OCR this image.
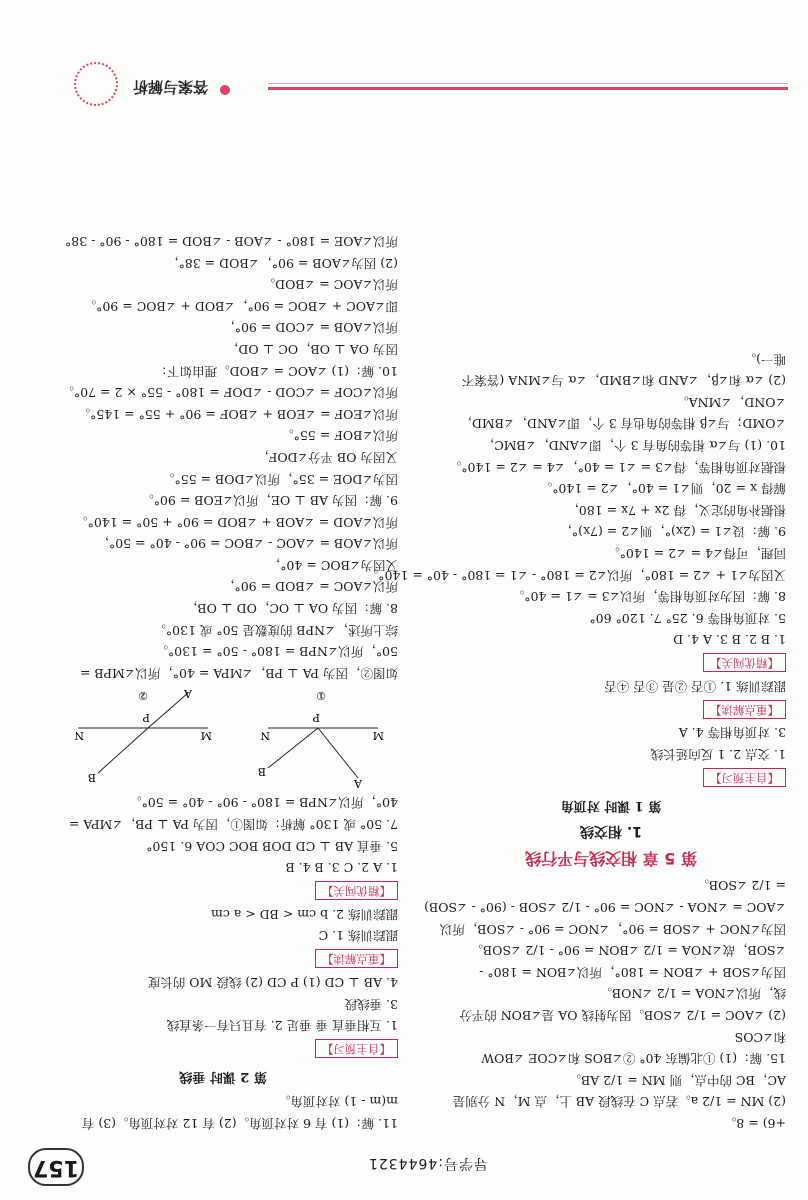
157	导学号:4644321
+6) = 8。
(2) MN = 1/2 a。若点 C 在线段 AB 上，点 M，N 分别是
AC，BC 的中点，则 MN = 1/2 AB。
15. 解：(1) ①北偏东 40° ②∠BOS 和∠COE ∠BOW
和∠COS
(2) ∠AOC = 1/2 ∠SOB。因为射线 OA 是∠BON 的平分
线，所以∠NOA = 1/2 ∠NOB。
因为∠SOB + ∠BON = 180°，所以∠BON = 180° -
∠SOB，故∠NOA = 1/2 ∠BON = 90° - 1/2 ∠SOB。
因为∠NOC + ∠SOB = 90°，∠NOC = 90° - ∠SOB，所以
∠AOC = ∠NOA - ∠NOC = 90° - 1/2 ∠SOB - (90° - ∠SOB)
= 1/2 ∠SOB。
第 5 章 相交线与平行线
1. 相交线
第 1 课时 对顶角
【 自主预习 】
1. 交点 2. 1 反向延长线
3. 对顶角相等 4. A
【 重点解读 】
跟踪训练 1. ①否 ②是 ③否 ④否
【 精优闯关 】
1. B 2. B 3. A 4. D
5. 对顶角相等 6. 25° 7. 120° 60°
8. 解：因为对顶角相等，所以∠3 = ∠1 = 40°。
又因为∠1 + ∠2 = 180°，所以∠2 = 180° - ∠1 = 180° - 40° = 140°。
同理，可得∠4 = ∠2 = 140°。
9. 解：设∠1 = (2x)°，则∠2 = (7x)°，
根据补角的定义，得 2x + 7x = 180，
解得 x = 20，则∠1 = 40°，∠2 = 140°。
根据对顶角相等，得∠3 = ∠1 = 40°，∠4 = ∠2 = 140°。
10. (1) 与∠α 相等的角有 3 个，即∠AND，∠BMC，
∠OMD；与∠β 相等的角也有 3 个，即∠AND，∠BMD，
∠OND，∠MNA。
(2) ∠α 和∠β，∠AND 和∠BMD，∠α 与∠MNA (答案不
唯一)。
11. 解：(1) 有 6 对对顶角。(2) 有 12 对对顶角。(3) 有
m(m - 1) 对对顶角。
第 2 课时 垂线
【 自主预习 】
1. 互相垂直 垂 垂足 2. 有且只有一条直线
3. 垂线段
4. AB ⊥ CD (1) P CD (2) 线段 MO 的长度
【 重点解读 】
跟踪训练 1. C
跟踪训练 2. b cm < BD < a cm
【 精优闯关 】
1. A 2. C 3. B 4. B
5. 垂直 AB ⊥ CD DOB BOC COA 6. 150°
7. 50° 或 130° 解析：如图①，因为 PA ⊥ PB，∠MPA =
40°，所以∠NPB = 180° - 90° - 40° = 50°。
A
B
M
P
N
①
A
B
M
P
N
②
如图②，因为 PA ⊥ PB，∠MPA = 40°，所以∠MPB =
50°，所以∠NPB = 180° - 50° = 130°。
综上所述，∠NPB 的度数是 50° 或 130°。
8. 解：因为 OA ⊥ OC，OD ⊥ OB，
所以∠AOC = ∠BOD = 90°，
又因为∠BOC = 40°，
所以∠AOB = ∠AOC - ∠BOC = 90° - 40° = 50°，
所以∠AOD = ∠AOB + ∠BOD = 90° + 50° = 140°。
9. 解：因为 AB ⊥ OE，所以∠EOB = 90°。
因为∠DOE = 35°，所以∠DOB = 55°。
又因为 OB 平分∠DOF，
所以∠BOF = 55°。
所以∠EOF = ∠EOB + ∠BOF = 90° + 55° = 145°。
所以∠COF = ∠COD - ∠DOF = 180° - 55° × 2 = 70°。
10. 解：(1) ∠AOC = ∠BOD。理由如下：
因为 OA ⊥ OB，OC ⊥ OD，
所以∠AOB = ∠COD = 90°，
即∠AOC + ∠BOC = 90°，∠BOD + ∠BOC = 90°。
所以∠AOC = ∠BOD。
(2) 因为∠AOB = 90°，∠BOD = 38°，
所以∠AOE = 180° - ∠AOB - ∠BOD = 180° - 90° - 38°
答案与解析
